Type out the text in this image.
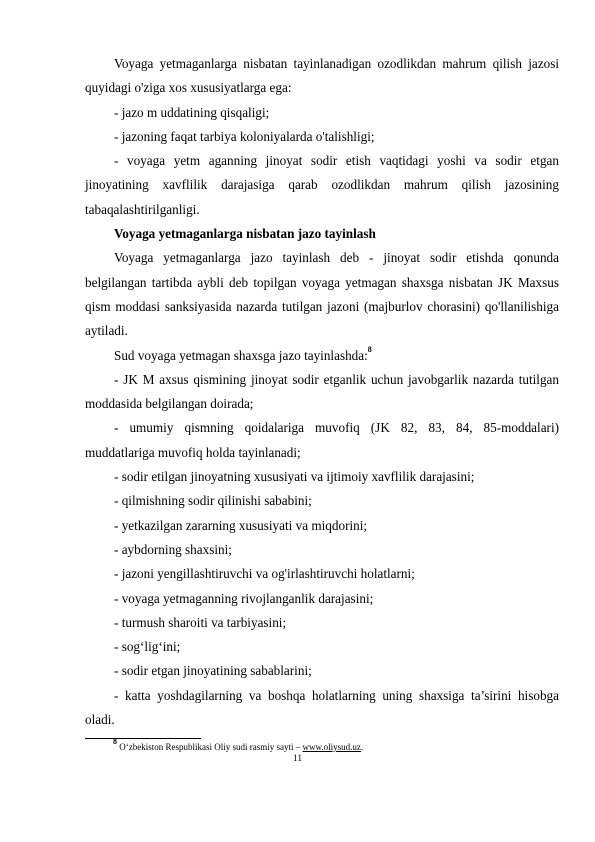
Voyaga yetmaganlarga nisbatan tayinlanadigan ozodlikdan mahrum qilish jazosi quyidagi o'ziga xos xususiyatlarga ega:

- jazo m uddatining qisqaligi;

- jazoning faqat tarbiya koloniyalarda o'talishligi;

- voyaga yetm aganning jinoyat sodir etish vaqtidagi yoshi va sodir etgan jinoyatining xavflilik darajasiga qarab ozodlikdan mahrum qilish jazosining tabaqalashtirilganligi.

Voyaga yetmaganlarga nisbatan jazo tayinlash

Voyaga yetmaganlarga jazo tayinlash deb - jinoyat sodir etishda qonunda belgilangan tartibda aybli deb topilgan voyaga yetmagan shaxsga nisbatan JK Maxsus qism moddasi sanksiyasida nazarda tutilgan jazoni (majburlov chorasini) qo'llanilishiga aytiladi.

Sud voyaga yetmagan shaxsga jazo tayinlashda:$^8$

- JK M axsus qismining jinoyat sodir etganlik uchun javobgarlik nazarda tutilgan moddasida belgilangan doirada;

- umumiy qismning qoidalariga muvofiq (JK 82, 83, 84, 85-moddalari) muddatlariga muvofiq holda tayinlanadi;

- sodir etilgan jinoyatning xususiyati va ijtimoiy xavflilik darajasini;

- qilmishning sodir qilinishi sababini;

- yetkazilgan zararning xususiyati va miqdorini;

- aybdorning shaxsini;

- jazoni yengillashtiruvchi va og'irlashtiruvchi holatlarni;

- voyaga yetmaganning rivojlanganlik darajasini;

- turmush sharoiti va tarbiyasini;

- sog‘lig‘ini;

- sodir etgan jinoyatining sabablarini;

- katta yoshdagilarning va boshqa holatlarning uning shaxsiga ta’sirini hisobga oladi.

$^8$ O‘zbekiston Respublikasi Oliy sudi rasmiy sayti – www.oliysud.uz.
11
